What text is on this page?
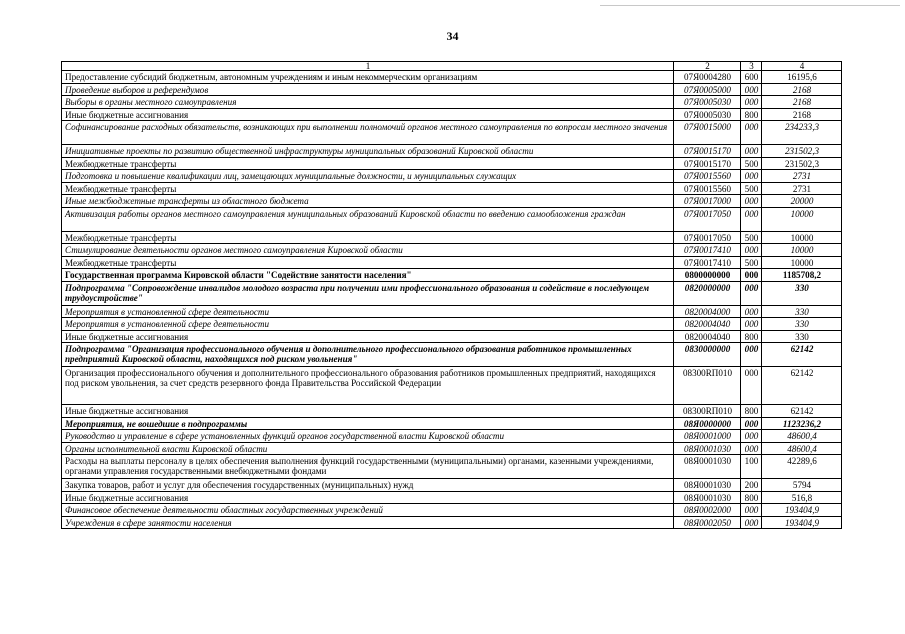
34
1	2	3	4
Предоставление субсидий бюджетным, автономным учреждениям и иным некоммерческим организациям	07Я0004280	600	16195,6
Проведение выборов и референдумов	07Я0005000	000	2168
Выборы в органы местного самоуправления	07Я0005030	000	2168
Иные бюджетные ассигнования	07Я0005030	800	2168
Софинансирование расходных обязательств, возникающих при выполнении полномочий органов местного самоуправления по вопросам местного значения	07Я0015000	000	234233,3
Инициативные проекты по развитию общественной инфраструктуры муниципальных образований Кировской области	07Я0015170	000	231502,3
Межбюджетные трансферты	07Я0015170	500	231502,3
Подготовка и повышение квалификации лиц, замещающих муниципальные должности, и муниципальных служащих	07Я0015560	000	2731
Межбюджетные трансферты	07Я0015560	500	2731
Иные межбюджетные трансферты из областного бюджета	07Я0017000	000	20000
Активизация работы органов местного самоуправления муниципальных образований Кировской области по введению самообложения граждан	07Я0017050	000	10000
Межбюджетные трансферты	07Я0017050	500	10000
Стимулирование деятельности органов местного самоуправления Кировской области	07Я0017410	000	10000
Межбюджетные трансферты	07Я0017410	500	10000
Государственная программа Кировской области "Содействие занятости населения"	0800000000	000	1185708,2
Подпрограмма "Сопровождение инвалидов молодого возраста при получении ими профессионального образования и содействие в последующем трудоустройстве"	0820000000	000	330
Мероприятия в установленной сфере деятельности	0820004000	000	330
Мероприятия в установленной сфере деятельности	0820004040	000	330
Иные бюджетные ассигнования	0820004040	800	330
Подпрограмма "Организация профессионального обучения и дополнительного профессионального образования работников промышленных предприятий Кировской области, находящихся под риском увольнения"	0830000000	000	62142
Организация профессионального обучения и дополнительного профессионального образования работников промышленных предприятий, находящихся под риском увольнения, за счет средств резервного фонда Правительства Российской Федерации	08300RП010	000	62142
Иные бюджетные ассигнования	08300RП010	800	62142
Мероприятия, не вошедшие в подпрограммы	08Я0000000	000	1123236,2
Руководство и управление в сфере установленных функций органов государственной власти Кировской области	08Я0001000	000	48600,4
Органы исполнительной власти Кировской области	08Я0001030	000	48600,4
Расходы на выплаты персоналу в целях обеспечения выполнения функций государственными (муниципальными) органами, казенными учреждениями, органами управления государственными внебюджетными фондами	08Я0001030	100	42289,6
Закупка товаров, работ и услуг для обеспечения государственных (муниципальных) нужд	08Я0001030	200	5794
Иные бюджетные ассигнования	08Я0001030	800	516,8
Финансовое обеспечение деятельности областных государственных учреждений	08Я0002000	000	193404,9
Учреждения в сфере занятости населения	08Я0002050	000	193404,9
